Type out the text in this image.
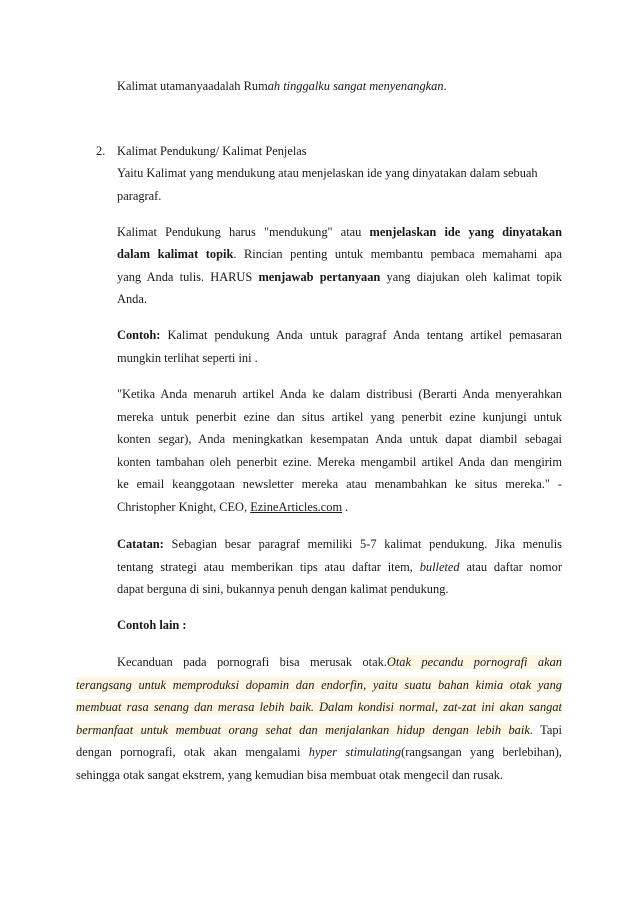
Kalimat utamanyaadalah Rumah tinggalku sangat menyenangkan.
2. Kalimat Pendukung/ Kalimat Penjelas
Yaitu Kalimat yang mendukung atau menjelaskan ide yang dinyatakan dalam sebuah
paragraf.
Kalimat Pendukung harus "mendukung" atau menjelaskan ide yang dinyatakan
dalam kalimat topik. Rincian penting untuk membantu pembaca memahami apa
yang Anda tulis. HARUS menjawab pertanyaan yang diajukan oleh kalimat topik
Anda.
Contoh: Kalimat pendukung Anda untuk paragraf Anda tentang artikel pemasaran
mungkin terlihat seperti ini .
"Ketika Anda menaruh artikel Anda ke dalam distribusi (Berarti Anda menyerahkan
mereka untuk penerbit ezine dan situs artikel yang penerbit ezine kunjungi untuk
konten segar), Anda meningkatkan kesempatan Anda untuk dapat diambil sebagai
konten tambahan oleh penerbit ezine. Mereka mengambil artikel Anda dan mengirim
ke email keanggotaan newsletter mereka atau menambahkan ke situs mereka." -
Christopher Knight, CEO, EzineArticles.com .
Catatan: Sebagian besar paragraf memiliki 5-7 kalimat pendukung. Jika menulis
tentang strategi atau memberikan tips atau daftar item, bulleted atau daftar nomor
dapat berguna di sini, bukannya penuh dengan kalimat pendukung.
Contoh lain :
Kecanduan pada pornografi bisa merusak otak.Otak pecandu pornografi akan
terangsang untuk memproduksi dopamin dan endorfin, yaitu suatu bahan kimia otak yang
membuat rasa senang dan merasa lebih baik. Dalam kondisi normal, zat-zat ini akan sangat
bermanfaat untuk membuat orang sehat dan menjalankan hidup dengan lebih baik. Tapi
dengan pornografi, otak akan mengalami hyper stimulating(rangsangan yang berlebihan),
sehingga otak sangat ekstrem, yang kemudian bisa membuat otak mengecil dan rusak.
